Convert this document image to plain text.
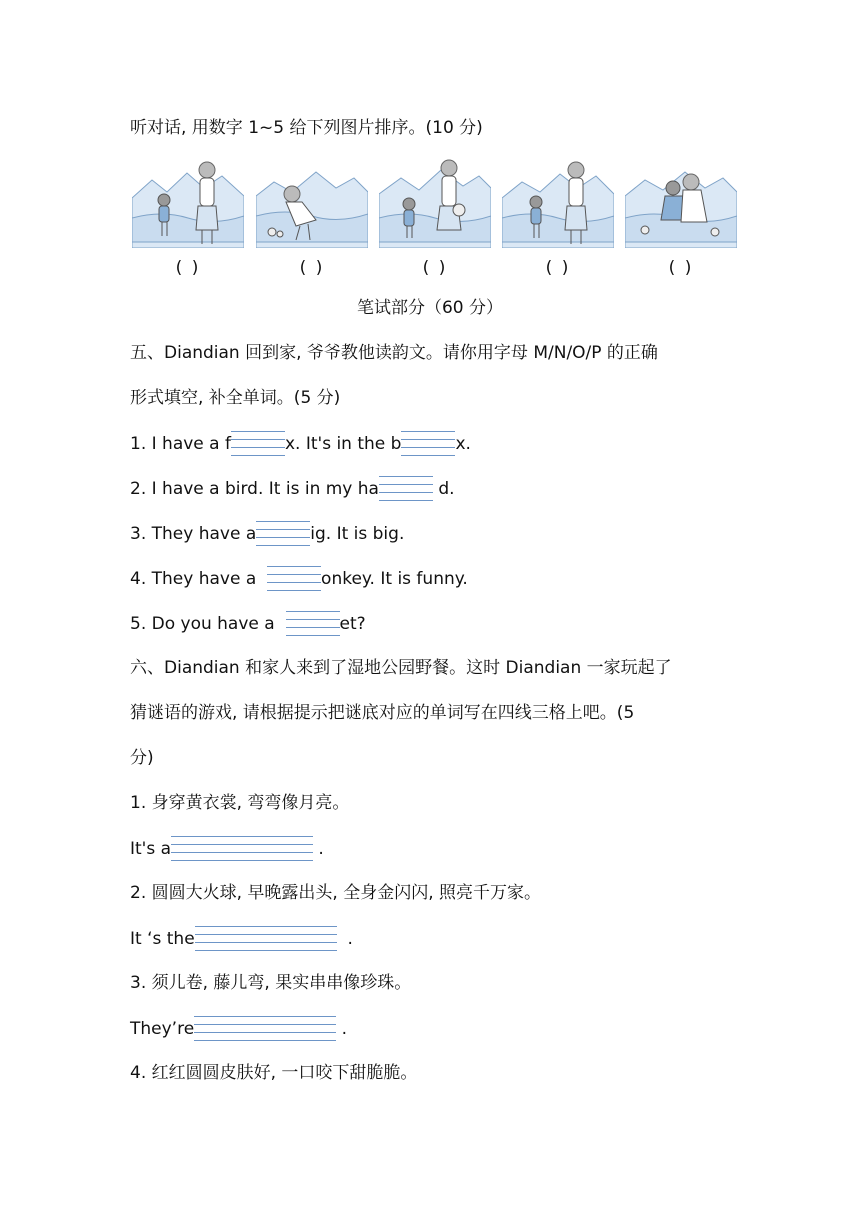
听对话, 用数字 1~5 给下列图片排序。(10 分)
( )	( )	( )	( )	( )
笔试部分（60 分）
五、Diandian 回到家, 爷爷教他读韵文。请你用字母 M/N/O/P 的正确
形式填空, 补全单词。(5 分)
1. I have a f	x. It's in the b	x.
2. I have a bird. It is in my ha	d.
3. They have a	ig. It is big.
4. They have a	onkey. It is funny.
5. Do you have a	et?
六、Diandian 和家人来到了湿地公园野餐。这时 Diandian 一家玩起了
猜谜语的游戏, 请根据提示把谜底对应的单词写在四线三格上吧。(5
分)
1. 身穿黄衣裳, 弯弯像月亮。
It's a	.
2. 圆圆大火球, 早晚露出头, 全身金闪闪, 照亮千万家。
It ‘s the	.
3. 须儿卷, 藤儿弯, 果实串串像珍珠。
They’re	.
4. 红红圆圆皮肤好, 一口咬下甜脆脆。
